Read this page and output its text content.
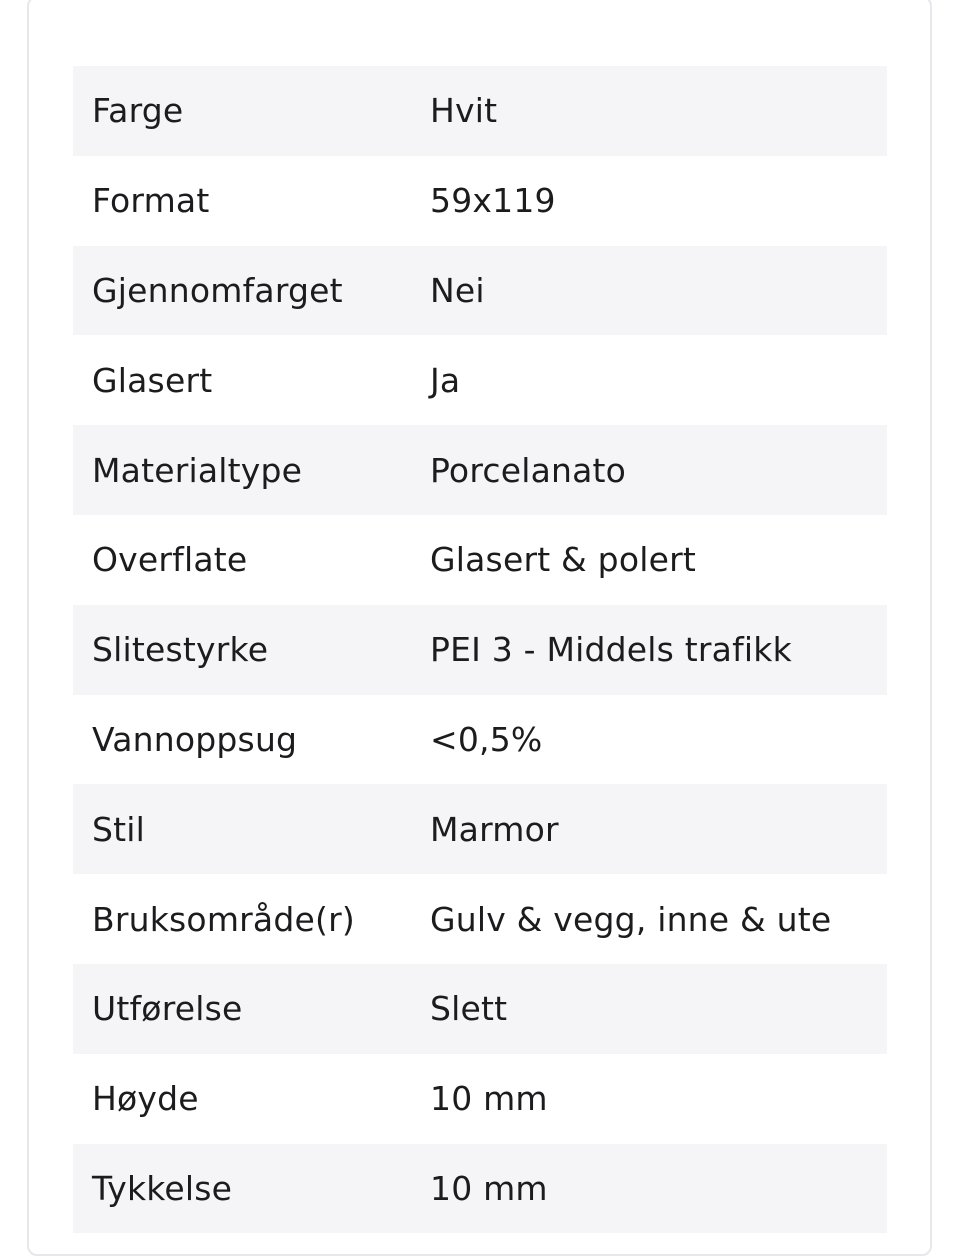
Farge	Hvit
Format	59x119
Gjennomfarget	Nei
Glasert	Ja
Materialtype	Porcelanato
Overflate	Glasert & polert
Slitestyrke	PEI 3 - Middels trafikk
Vannoppsug	<0,5%
Stil	Marmor
Bruksområde(r)	Gulv & vegg, inne & ute
Utførelse	Slett
Høyde	10 mm
Tykkelse	10 mm
